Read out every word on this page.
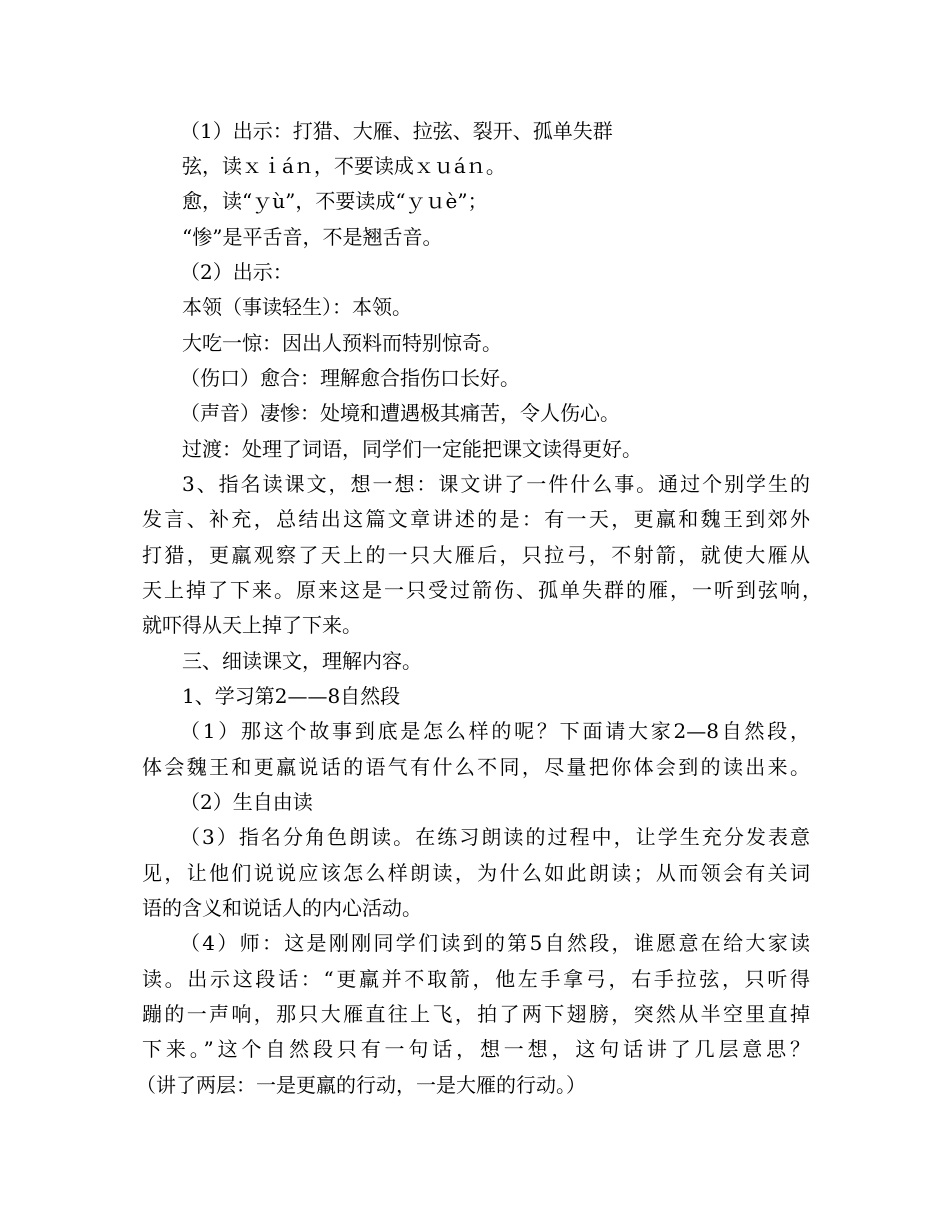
（1）出示：打猎、大雁、拉弦、裂开、孤单失群
弦，读ｘｉáｎ，不要读成ｘｕáｎ。
愈，读“ｙù”，不要读成“ｙｕè”；
“惨”是平舌音，不是翘舌音。
（2）出示：
本领（事读轻生）：本领。
大吃一惊：因出人预料而特别惊奇。
（伤口）愈合：理解愈合指伤口长好。
（声音）凄惨：处境和遭遇极其痛苦，令人伤心。
过渡：处理了词语，同学们一定能把课文读得更好。
3、指名读课文，想一想：课文讲了一件什么事。通过个别学生的
发言、补充，总结出这篇文章讲述的是：有一天，更羸和魏王到郊外
打猎，更羸观察了天上的一只大雁后，只拉弓，不射箭，就使大雁从
天上掉了下来。原来这是一只受过箭伤、孤单失群的雁，一听到弦响，
就吓得从天上掉了下来。
三、细读课文，理解内容。
1、学习第2——8自然段
（1）那这个故事到底是怎么样的呢？下面请大家2—8自然段，
体会魏王和更羸说话的语气有什么不同，尽量把你体会到的读出来。
（2）生自由读
（3）指名分角色朗读。在练习朗读的过程中，让学生充分发表意
见，让他们说说应该怎么样朗读，为什么如此朗读；从而领会有关词
语的含义和说话人的内心活动。
（4）师：这是刚刚同学们读到的第5自然段，谁愿意在给大家读
读。出示这段话：“更羸并不取箭，他左手拿弓，右手拉弦，只听得
蹦的一声响，那只大雁直往上飞，拍了两下翅膀，突然从半空里直掉
下来。”这个自然段只有一句话，想一想，这句话讲了几层意思？
（讲了两层：一是更羸的行动，一是大雁的行动。）
